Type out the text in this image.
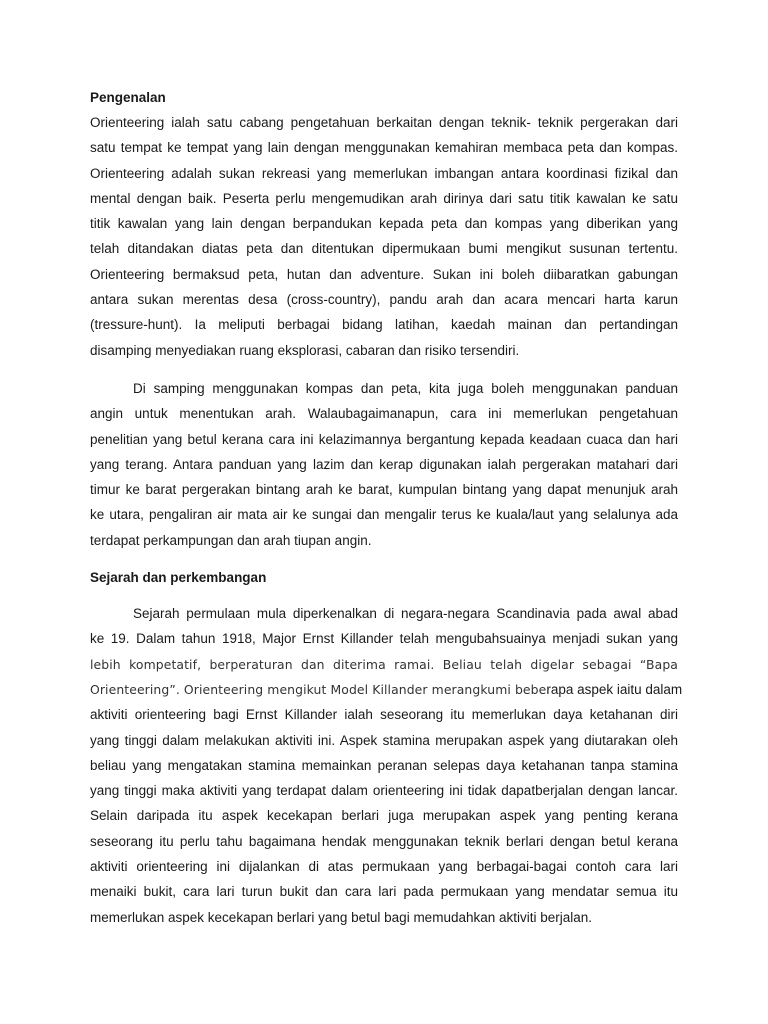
Pengenalan

Orienteering ialah satu cabang pengetahuan berkaitan dengan teknik- teknik pergerakan dari
satu tempat ke tempat yang lain dengan menggunakan kemahiran membaca peta dan kompas.
Orienteering adalah sukan rekreasi yang memerlukan imbangan antara koordinasi fizikal dan
mental dengan baik. Peserta perlu mengemudikan arah dirinya dari satu titik kawalan ke satu
titik kawalan yang lain dengan berpandukan kepada peta dan kompas yang diberikan yang
telah ditandakan diatas peta dan ditentukan dipermukaan bumi mengikut susunan tertentu.
Orienteering bermaksud peta, hutan dan adventure. Sukan ini boleh diibaratkan gabungan
antara sukan merentas desa (cross-country), pandu arah dan acara mencari harta karun
(tressure-hunt). Ia meliputi berbagai bidang latihan, kaedah mainan dan pertandingan
disamping menyediakan ruang eksplorasi, cabaran dan risiko tersendiri.

Di samping menggunakan kompas dan peta, kita juga boleh menggunakan panduan
angin untuk menentukan arah. Walaubagaimanapun, cara ini memerlukan pengetahuan
penelitian yang betul kerana cara ini kelazimannya bergantung kepada keadaan cuaca dan hari
yang terang. Antara panduan yang lazim dan kerap digunakan ialah pergerakan matahari dari
timur ke barat pergerakan bintang arah ke barat, kumpulan bintang yang dapat menunjuk arah
ke utara, pengaliran air mata air ke sungai dan mengalir terus ke kuala/laut yang selalunya ada
terdapat perkampungan dan arah tiupan angin.

Sejarah dan perkembangan

Sejarah permulaan mula diperkenalkan di negara-negara Scandinavia pada awal abad
ke 19. Dalam tahun 1918, Major Ernst Killander telah mengubahsuainya menjadi sukan yang
lebih kompetatif, berperaturan dan diterima ramai. Beliau telah digelar sebagai “Bapa
Orienteering”. Orienteering mengikut Model Killander merangkumi beberapa aspek iaitu dalam
aktiviti orienteering bagi Ernst Killander ialah seseorang itu memerlukan daya ketahanan diri
yang tinggi dalam melakukan aktiviti ini. Aspek stamina merupakan aspek yang diutarakan oleh
beliau yang mengatakan stamina memainkan peranan selepas daya ketahanan tanpa stamina
yang tinggi maka aktiviti yang terdapat dalam orienteering ini tidak dapatberjalan dengan lancar.
Selain daripada itu aspek kecekapan berlari juga merupakan aspek yang penting kerana
seseorang itu perlu tahu bagaimana hendak menggunakan teknik berlari dengan betul kerana
aktiviti orienteering ini dijalankan di atas permukaan yang berbagai-bagai contoh cara lari
menaiki bukit, cara lari turun bukit dan cara lari pada permukaan yang mendatar semua itu
memerlukan aspek kecekapan berlari yang betul bagi memudahkan aktiviti berjalan.
